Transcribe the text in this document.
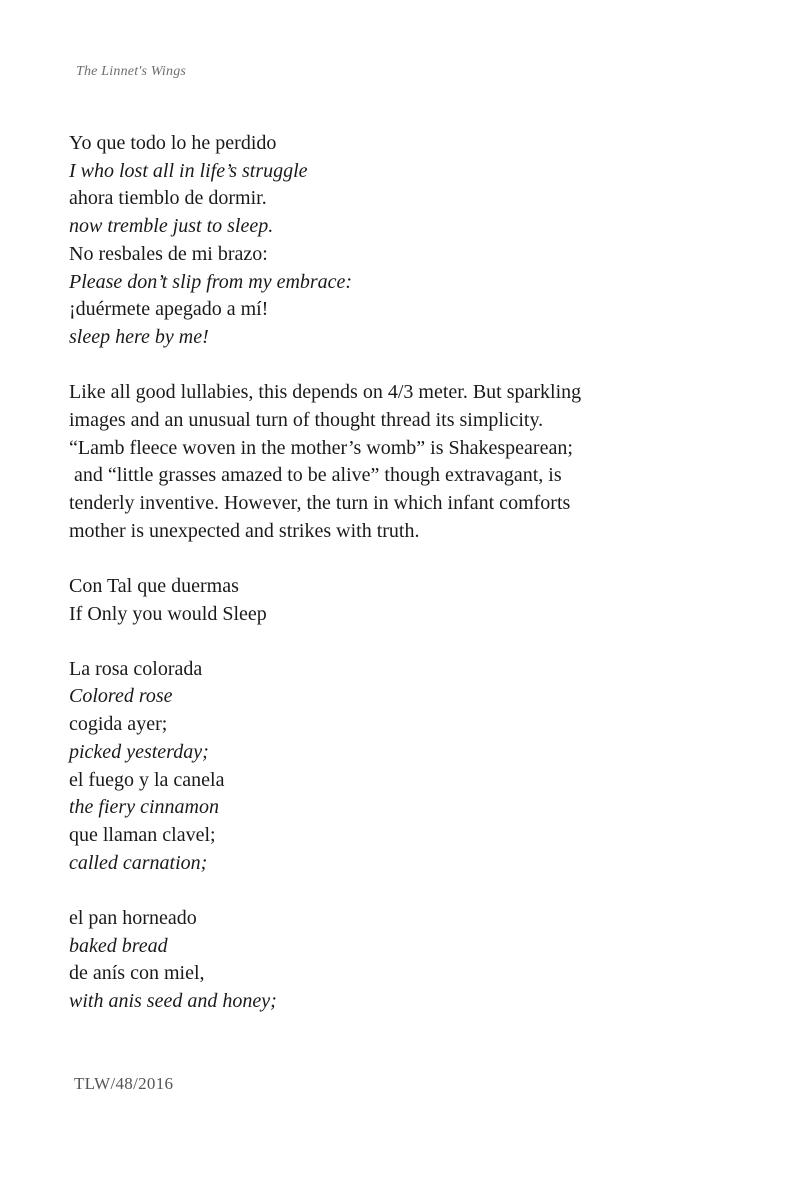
The Linnet's Wings
Yo que todo lo he perdido
I who lost all in life’s struggle
ahora tiemblo de dormir.
now tremble just to sleep.
No resbales de mi brazo:
Please don’t slip from my embrace:
¡duérmete apegado a mí!
sleep here by me!
Like all good lullabies, this depends on 4/3 meter. But sparkling
images and an unusual turn of thought thread its simplicity.
“Lamb fleece woven in the mother’s womb” is Shakespearean;
and “little grasses amazed to be alive” though extravagant, is
tenderly inventive. However, the turn in which infant comforts
mother is unexpected and strikes with truth.
Con Tal que duermas
If Only you would Sleep
La rosa colorada
Colored rose
cogida ayer;
picked yesterday;
el fuego y la canela
the fiery cinnamon
que llaman clavel;
called carnation;
el pan horneado
baked bread
de anís con miel,
with anis seed and honey;
TLW/48/2016
